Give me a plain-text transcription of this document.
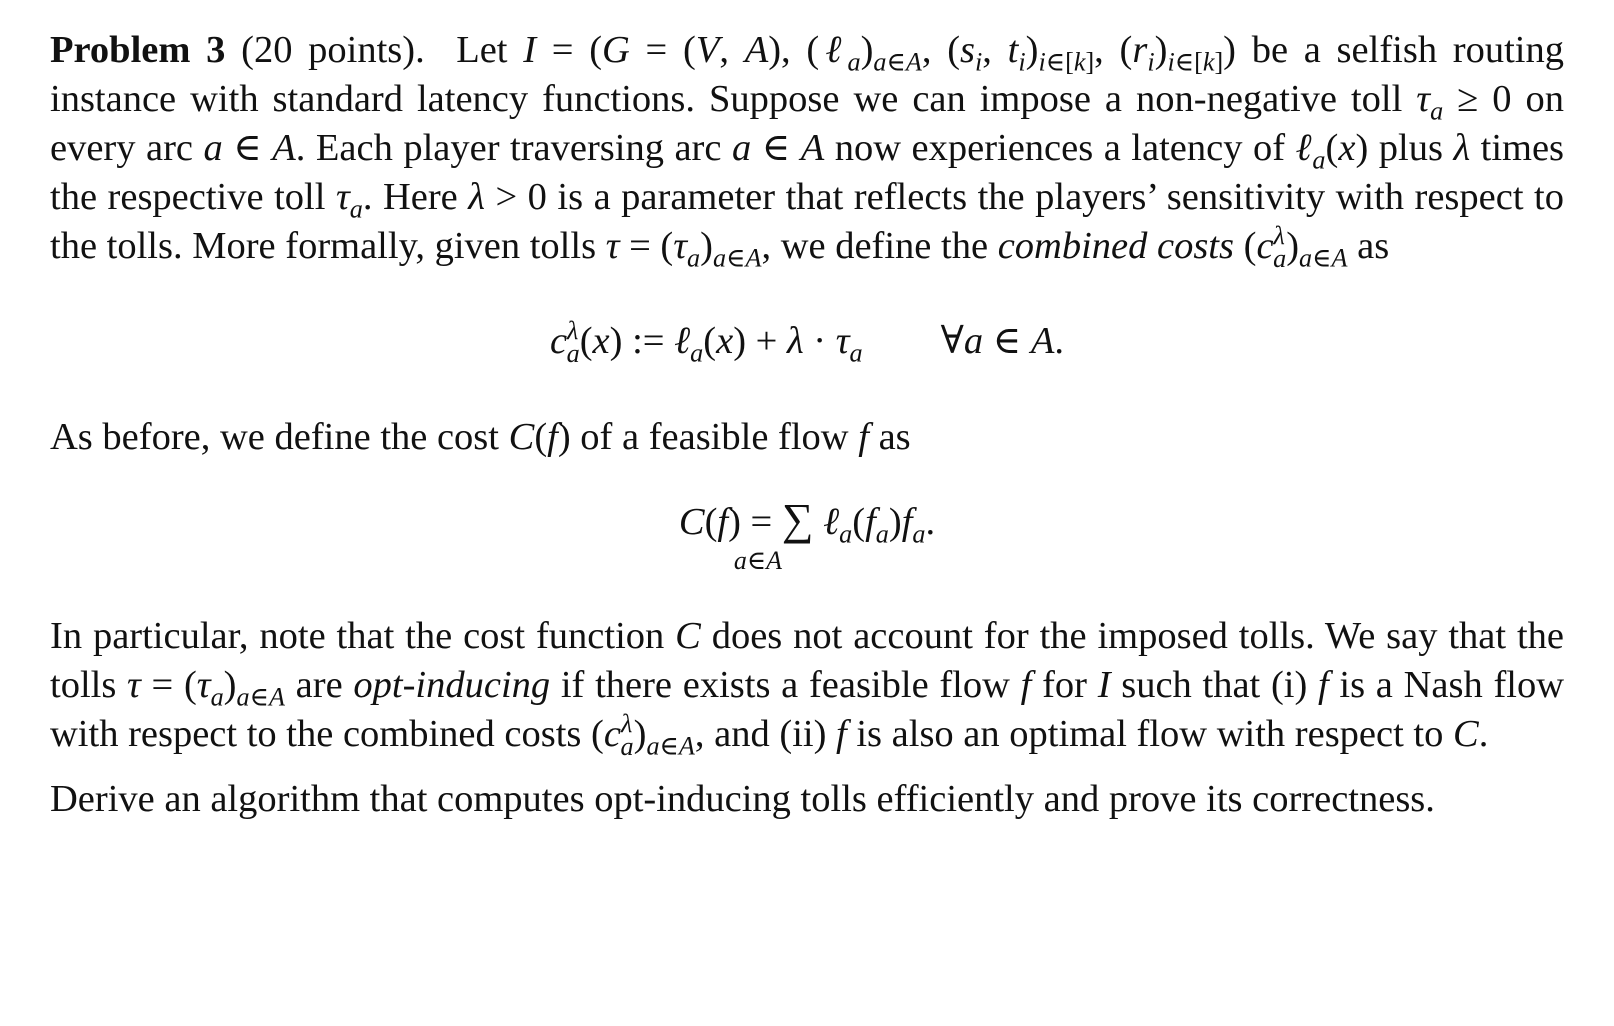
Problem 3 (20 points). Let I = (G = (V, A), $(\ell_a)_{a\in A}$, ($s_i$, $t_i)_{i\in[k]}$, $(r_i)_{i\in[k]}$) be a selfish routing instance with standard latency functions. Suppose we can impose a non-negative toll $\tau_a \ge 0$ on every arc a ∈ A. Each player traversing arc a ∈ A now experiences a latency of ℓ$_a$(x) plus λ times the respective toll $\tau_a$. Here λ > 0 is a parameter that reflects the players’ sensitivity with respect to the tolls. More formally, given tolls $\tau = (\tau_a)_{a\in A}$, we define the combined costs $(c^\lambda_a)_{a\in A}$ as

$c^\lambda_a(x)$ := ℓ$_a$(x) + $\lambda \cdot \tau_a$ ∀a ∈ A.

As before, we define the cost C(f) of a feasible flow f as

C(f) = ∑ $\ell_a(f_a)f_a$.
a∈A

In particular, note that the cost function C does not account for the imposed tolls. We say that the tolls $\tau = (\tau_a)_{a\in A}$ are opt-inducing if there exists a feasible flow f for I such that (i) f is a Nash flow with respect to the combined costs $(c^\lambda_a)_{a\in A}$, and (ii) f is also an optimal flow with respect to C.

Derive an algorithm that computes opt-inducing tolls efficiently and prove its correctness.
